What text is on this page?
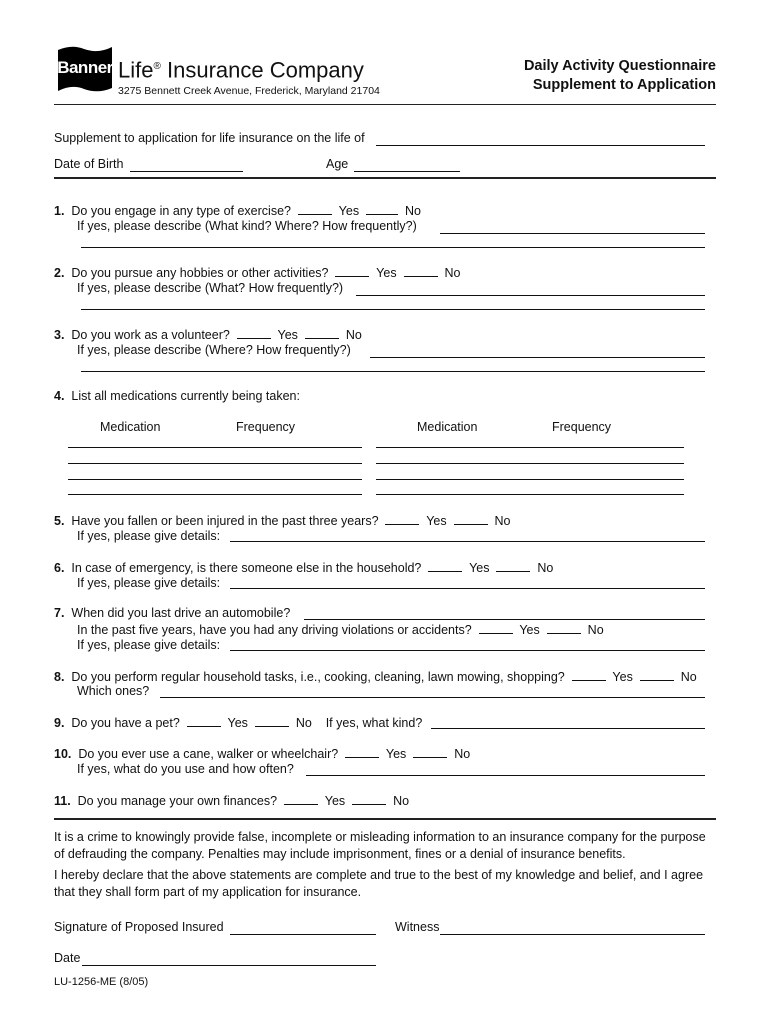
Banner Life® Insurance Company
3275 Bennett Creek Avenue, Frederick, Maryland 21704
Daily Activity Questionnaire
Supplement to Application
Supplement to application for life insurance on the life of
Date of Birth	Age
1. Do you engage in any type of exercise?	Yes	No
If yes, please describe (What kind? Where? How frequently?)
2. Do you pursue any hobbies or other activities?	Yes	No
If yes, please describe (What? How frequently?)
3. Do you work as a volunteer?	Yes	No
If yes, please describe (Where? How frequently?)
4. List all medications currently being taken:
Medication	Frequency	Medication	Frequency
5. Have you fallen or been injured in the past three years?	Yes	No
If yes, please give details:
6. In case of emergency, is there someone else in the household?	Yes	No
If yes, please give details:
7. When did you last drive an automobile?
In the past five years, have you had any driving violations or accidents?	Yes	No
If yes, please give details:
8. Do you perform regular household tasks, i.e., cooking, cleaning, lawn mowing, shopping?	Yes	No
Which ones?
9. Do you have a pet?	Yes	No If yes, what kind?
10. Do you ever use a cane, walker or wheelchair?	Yes	No
If yes, what do you use and how often?
11. Do you manage your own finances?	Yes	No
It is a crime to knowingly provide false, incomplete or misleading information to an insurance company for the purpose
of defrauding the company. Penalties may include imprisonment, fines or a denial of insurance benefits.
I hereby declare that the above statements are complete and true to the best of my knowledge and belief, and I agree
that they shall form part of my application for insurance.
Signature of Proposed Insured	Witness
Date
LU-1256-ME (8/05)
